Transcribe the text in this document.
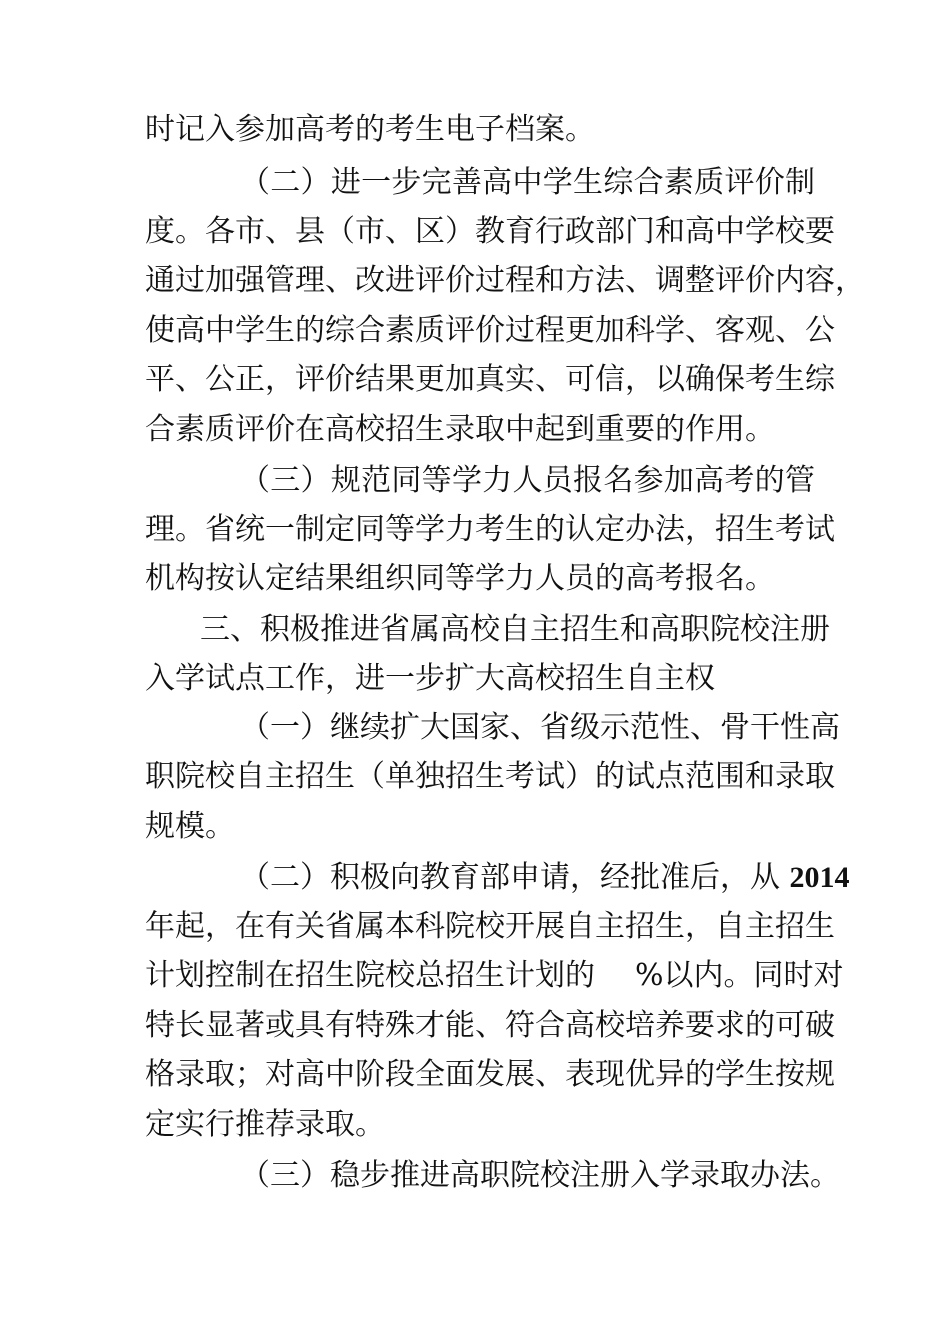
时记入参加高考的考生电子档案。
（二）进一步完善高中学生综合素质评价制
度。各市、县（市、区）教育行政部门和高中学校要
通过加强管理、改进评价过程和方法、调整评价内容，
使高中学生的综合素质评价过程更加科学、客观、公
平、公正，评价结果更加真实、可信，以确保考生综
合素质评价在高校招生录取中起到重要的作用。
（三）规范同等学力人员报名参加高考的管
理。省统一制定同等学力考生的认定办法，招生考试
机构按认定结果组织同等学力人员的高考报名。
三、积极推进省属高校自主招生和高职院校注册
入学试点工作，进一步扩大高校招生自主权
（一）继续扩大国家、省级示范性、骨干性高
职院校自主招生（单独招生考试）的试点范围和录取
规模。
（二）积极向教育部申请，经批准后，从 2014
年起，在有关省属本科院校开展自主招生，自主招生
计划控制在招生院校总招生计划的 %以内。同时对
特长显著或具有特殊才能、符合高校培养要求的可破
格录取；对高中阶段全面发展、表现优异的学生按规
定实行推荐录取。
（三）稳步推进高职院校注册入学录取办法。
